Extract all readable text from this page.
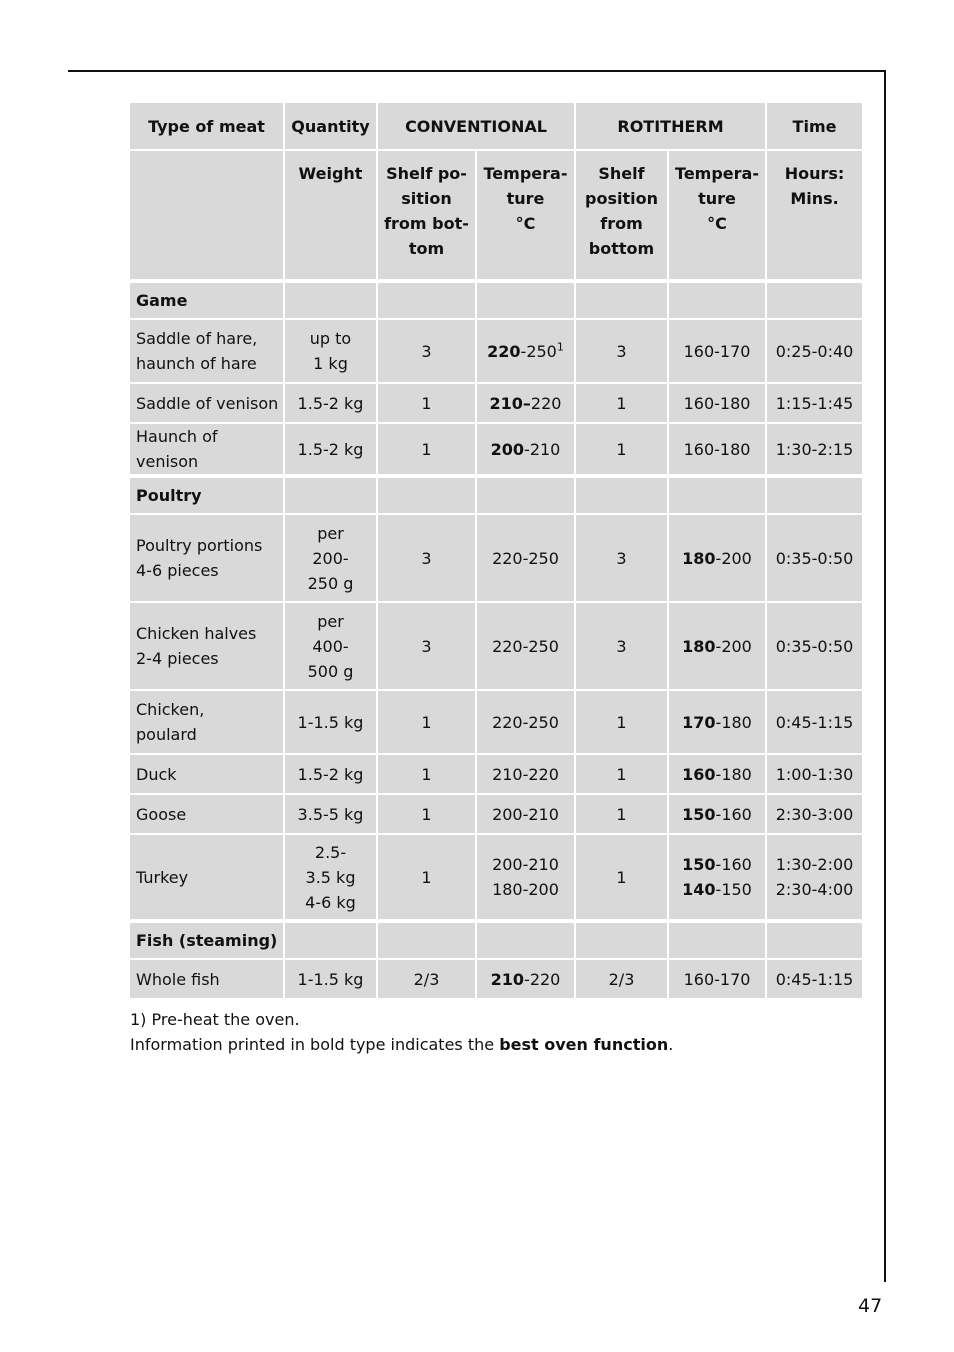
Type of meat	Quantity	CONVENTIONAL		ROTITHERM		Time
	Weight	Shelf po-
sition
from bot-
tom	Tempera-
ture
°C	Shelf
position
from
bottom	Tempera-
ture
°C	Hours:
Mins.

Game						
Saddle of hare,
haunch of hare	up to
1 kg	3	$220-250^1$	3	160-170	0:25-0:40
Saddle of venison	1.5-2 kg	1	210–220	1	160-180	1:15-1:45
Haunch of venison	1.5-2 kg	1	200-210	1	160-180	1:30-2:15

Poultry						
Poultry portions
4-6 pieces	per
200-
250 g	3	220-250	3	180-200	0:35-0:50
Chicken halves
2-4 pieces	per
400-
500 g	3	220-250	3	180-200	0:35-0:50
Chicken,
poulard	1-1.5 kg	1	220-250	1	170-180	0:45-1:15
Duck	1.5-2 kg	1	210-220	1	160-180	1:00-1:30
Goose	3.5-5 kg	1	200-210	1	150-160	2:30-3:00
Turkey	2.5-
3.5 kg
4-6 kg	1	200-210
180-200	1	150-160
140-150	1:30-2:00
2:30-4:00

Fish (steaming)						
Whole fish	1-1.5 kg	2/3	210-220	2/3	160-170	0:45-1:15
1) Pre-heat the oven.
Information printed in bold type indicates the best oven function.
47
